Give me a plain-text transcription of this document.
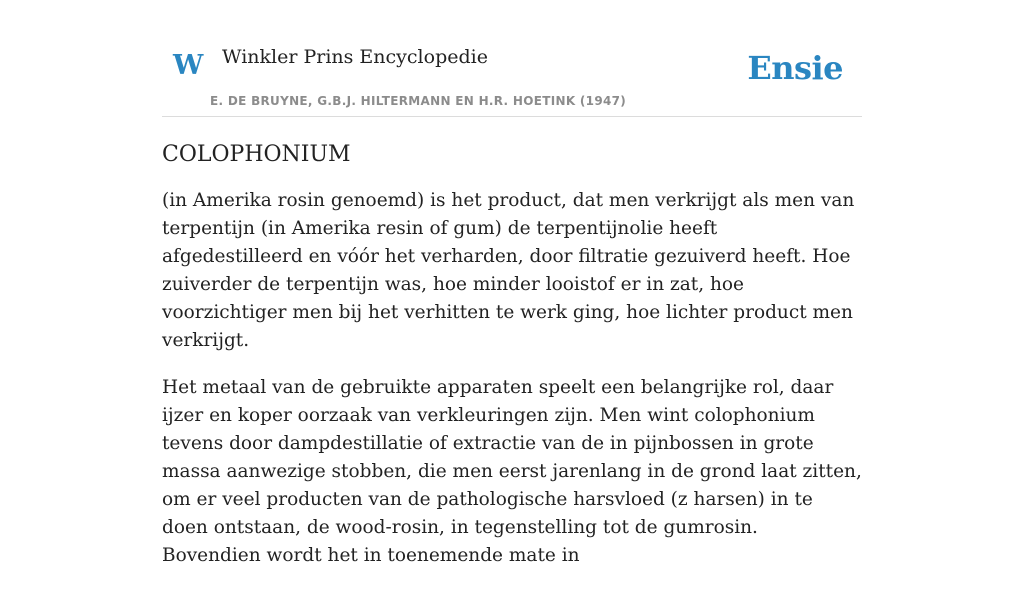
W Winkler Prins Encyclopedie
E. DE BRUYNE, G.B.J. HILTERMANN EN H.R. HOETINK (1947)
Ensie
COLOPHONIUM

(in Amerika rosin genoemd) is het product, dat men verkrijgt als men van terpentijn (in Amerika resin of gum) de terpentijnolie heeft afgedestilleerd en vóór het verharden, door filtratie gezuiverd heeft. Hoe zuiverder de terpentijn was, hoe minder looistof er in zat, hoe voorzichtiger men bij het verhitten te werk ging, hoe lichter product men verkrijgt.

Het metaal van de gebruikte apparaten speelt een belangrijke rol, daar ijzer en koper oorzaak van verkleuringen zijn. Men wint colophonium tevens door dampdestillatie of extractie van de in pijnbossen in grote massa aanwezige stobben, die men eerst jarenlang in de grond laat zitten, om er veel producten van de pathologische harsvloed (z harsen) in te doen ontstaan, de wood-rosin, in tegenstelling tot de gumrosin. Bovendien wordt het in toenemende mate in
